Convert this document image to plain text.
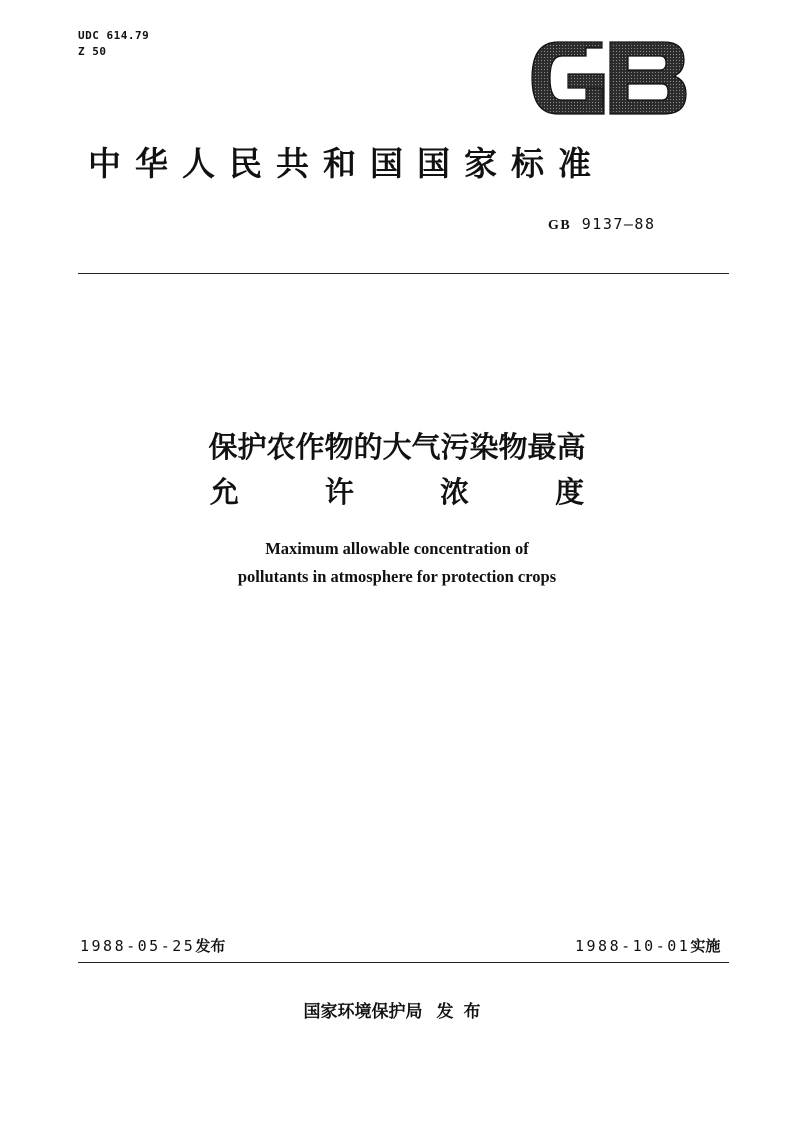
UDC 614.79
Z 50
中华人民共和国国家标准
GB 9137—88
保护农作物的大气污染物最高
允	许	浓	度
Maximum allowable concentration of
pollutants in atmosphere for protection crops
1988-05-25发布	1988-10-01实施
国家环境保护局 发布
